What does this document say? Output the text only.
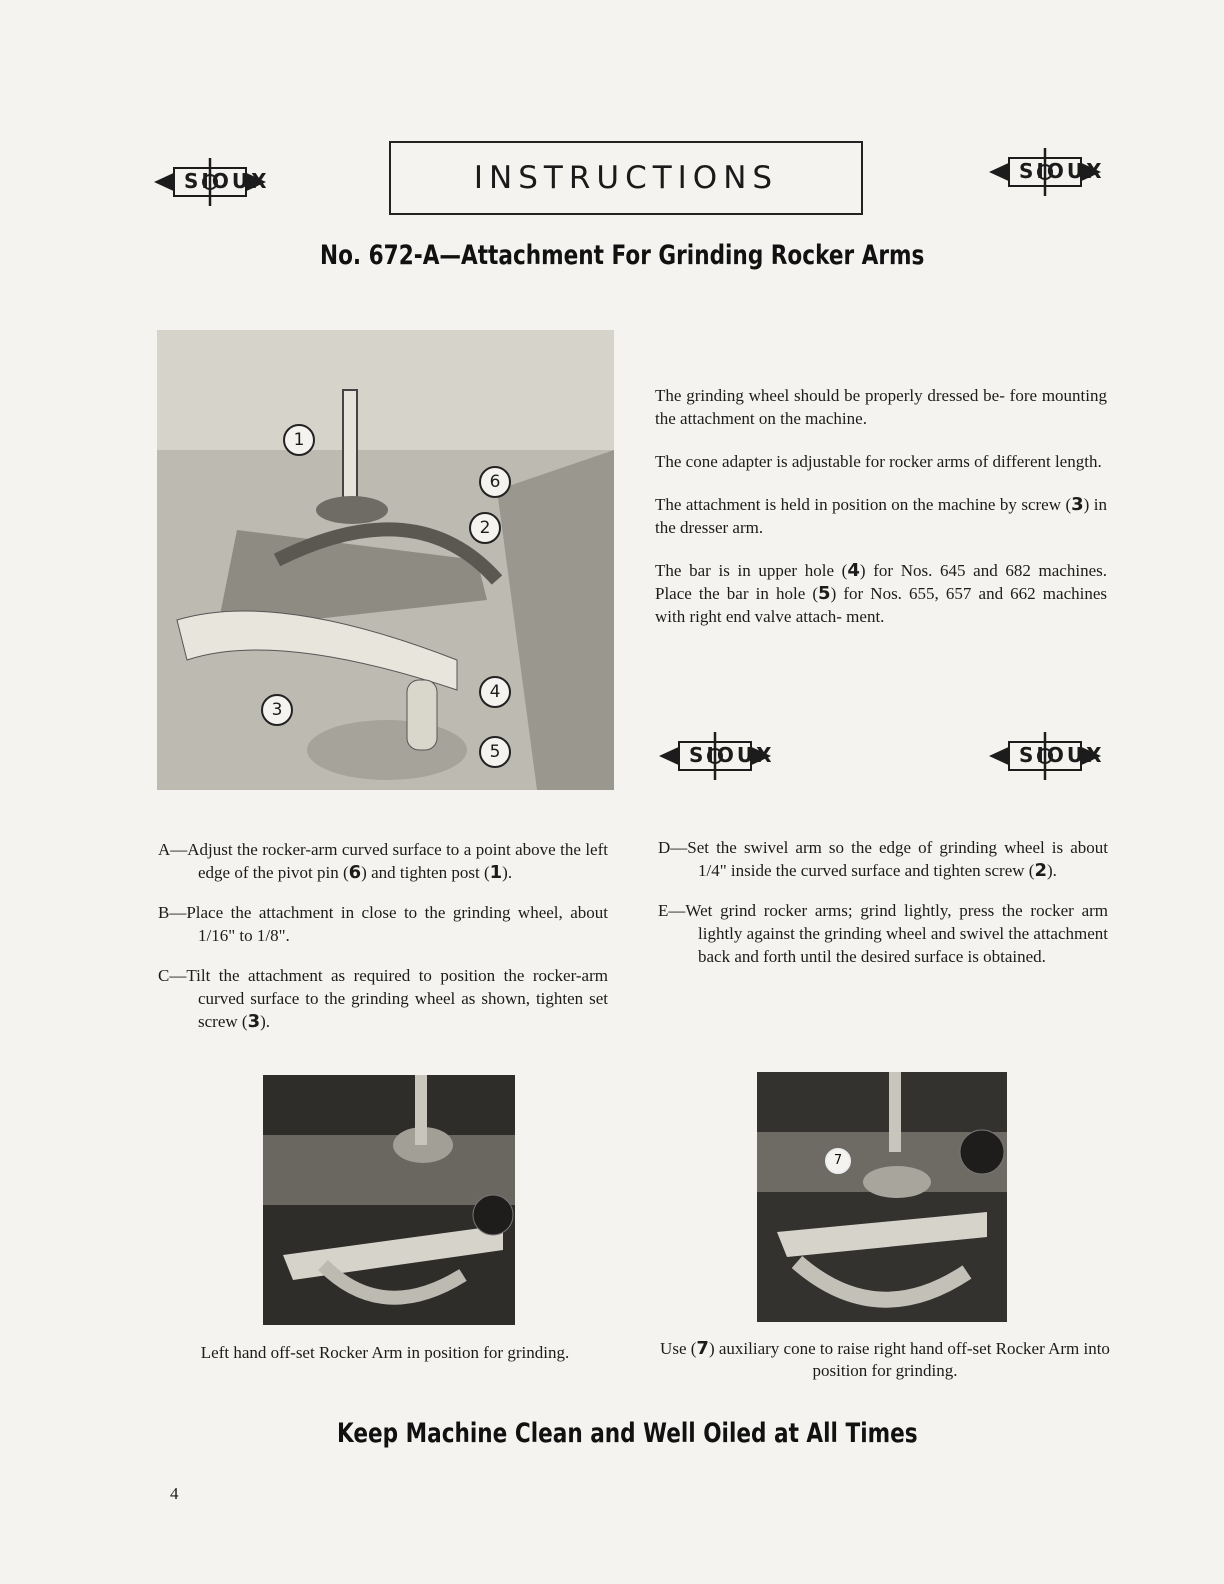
SIOUX	SIOUX
INSTRUCTIONS
No. 672-A—Attachment For Grinding Rocker Arms
1
6
2
3
4
5

The grinding wheel should be properly dressed be- fore mounting the attachment on the machine.

The cone adapter is adjustable for rocker arms of different length.

The attachment is held in position on the machine by screw (3) in the dresser arm.

The bar is in upper hole (4) for Nos. 645 and 682 machines. Place the bar in hole (5) for Nos. 655, 657 and 662 machines with right end valve attach- ment.

SIOUX	SIOUX

A—Adjust the rocker-arm curved surface to a point above the left edge of the pivot pin (6) and tighten post (1).

B—Place the attachment in close to the grinding wheel, about 1/16" to 1/8".

C—Tilt the attachment as required to position the rocker-arm curved surface to the grinding wheel as shown, tighten set screw (3).

D—Set the swivel arm so the edge of grinding wheel is about 1/4" inside the curved surface and tighten screw (2).

E—Wet grind rocker arms; grind lightly, press the rocker arm lightly against the grinding wheel and swivel the attachment back and forth until the desired surface is obtained.

7
Left hand off-set Rocker Arm in position for grinding.	Use (7) auxiliary cone to raise right hand off-set Rocker Arm into position for grinding.
Keep Machine Clean and Well Oiled at All Times
4
